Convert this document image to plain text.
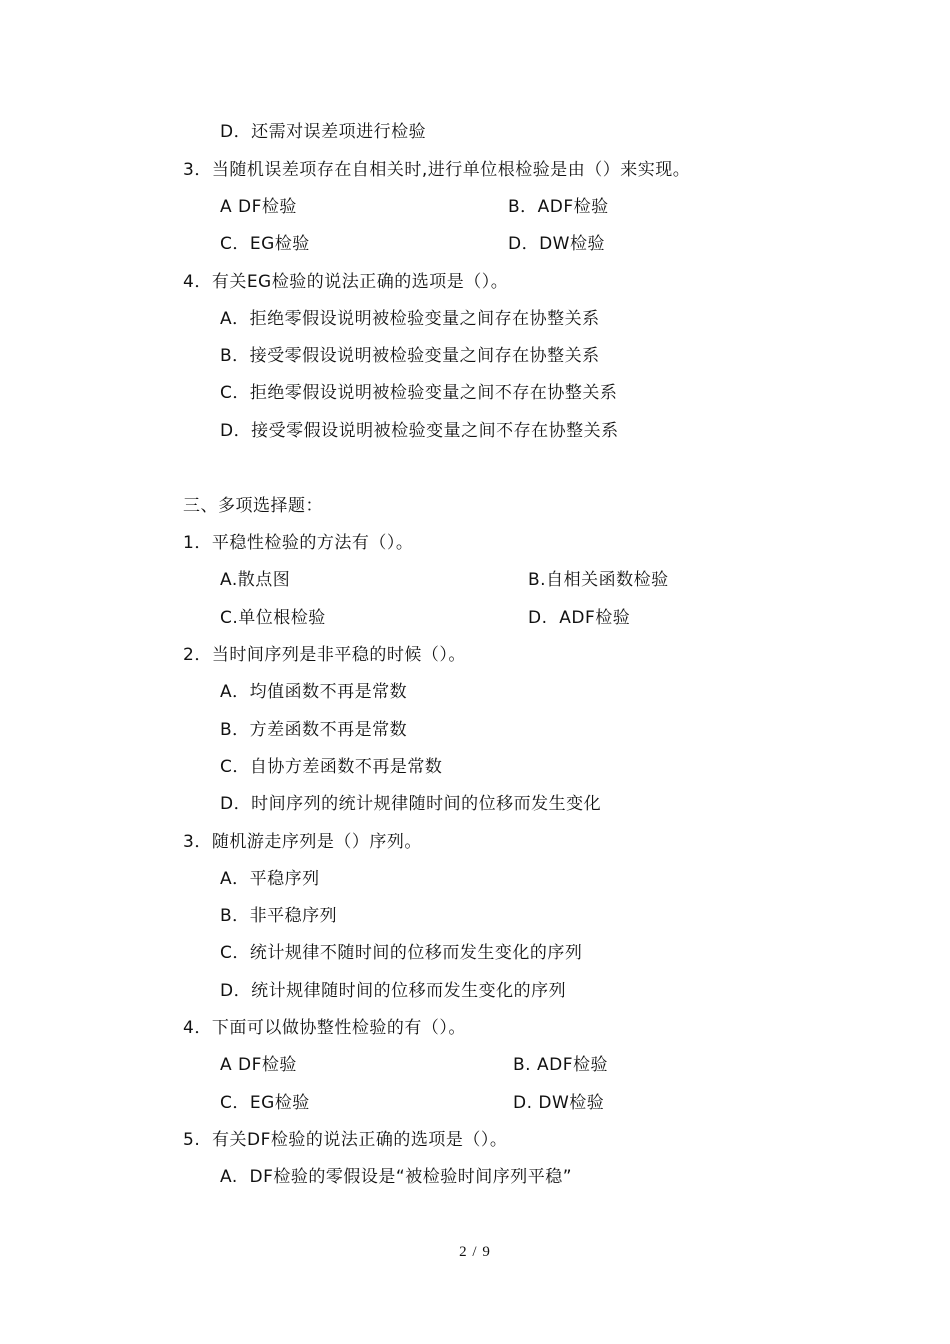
D．还需对误差项进行检验
3．当随机误差项存在自相关时,进行单位根检验是由（）来实现。
A DF检验	B．ADF检验
C．EG检验	D．DW检验
4．有关EG检验的说法正确的选项是（）。
A．拒绝零假设说明被检验变量之间存在协整关系
B．接受零假设说明被检验变量之间存在协整关系
C．拒绝零假设说明被检验变量之间不存在协整关系
D．接受零假设说明被检验变量之间不存在协整关系
三、多项选择题：
1．平稳性检验的方法有（）。
A.散点图	B.自相关函数检验
C.单位根检验	D.  ADF检验
2．当时间序列是非平稳的时候（）。
A．均值函数不再是常数
B．方差函数不再是常数
C．自协方差函数不再是常数
D．时间序列的统计规律随时间的位移而发生变化
3．随机游走序列是（）序列。
A．平稳序列
B．非平稳序列
C．统计规律不随时间的位移而发生变化的序列
D．统计规律随时间的位移而发生变化的序列
4．下面可以做协整性检验的有（）。
A DF检验	B. ADF检验
C．EG检验	D. DW检验
5.  有关DF检验的说法正确的选项是（）。
A.  DF检验的零假设是“被检验时间序列平稳”
2 / 9
